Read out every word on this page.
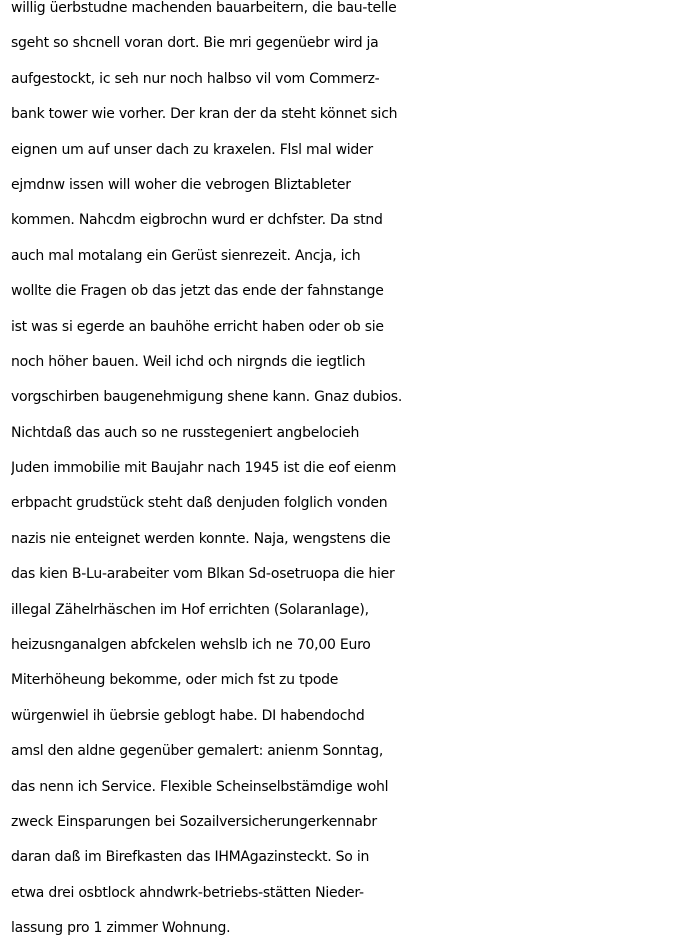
willig üerbstudne machenden bauarbeitern, die bau-telle
sgeht so shcnell voran dort. Bie mri gegenüebr wird ja
aufgestockt, ic seh nur noch halbso vil vom Commerz-
bank tower wie vorher. Der kran der da steht könnet sich
eignen um auf unser dach zu kraxelen. Flsl mal wider
ejmdnw issen will woher die vebrogen Bliztableter
kommen. Nahcdm eigbrochn wurd er dchfster. Da stnd
auch mal motalang ein Gerüst sienrezeit. Ancja, ich
wollte die Fragen ob das jetzt das ende der fahnstange
ist was si egerde an bauhöhe erricht haben oder ob sie
noch höher bauen. Weil ichd och nirgnds die iegtlich
vorgschirben baugenehmigung shene kann. Gnaz dubios.
Nichtdaß das auch so ne russtegeniert angbelocieh
Juden immobilie mit Baujahr nach 1945 ist die eof eienm
erbpacht grudstück steht daß denjuden folglich vonden
nazis nie enteignet werden konnte. Naja, wengstens die
das kien B-Lu-arabeiter vom Blkan Sd-osetruopa die hier
illegal Zähelrhäschen im Hof errichten (Solaranlage),
heizusnganalgen abfckelen wehslb ich ne 70,00 Euro
Miterhöheung bekomme, oder mich fst zu tpode
würgenwiel ih üebrsie geblogt habe. DI habendochd
amsl den aldne gegenüber gemalert: anienm Sonntag,
das nenn ich Service. Flexible Scheinselbstämdige wohl
zweck Einsparungen bei Sozailversicherungerkennabr
daran daß im Birefkasten das IHMAgazinsteckt. So in
etwa drei osbtlock ahndwrk-betriebs-stätten Nieder-
lassung pro 1 zimmer Wohnung.
